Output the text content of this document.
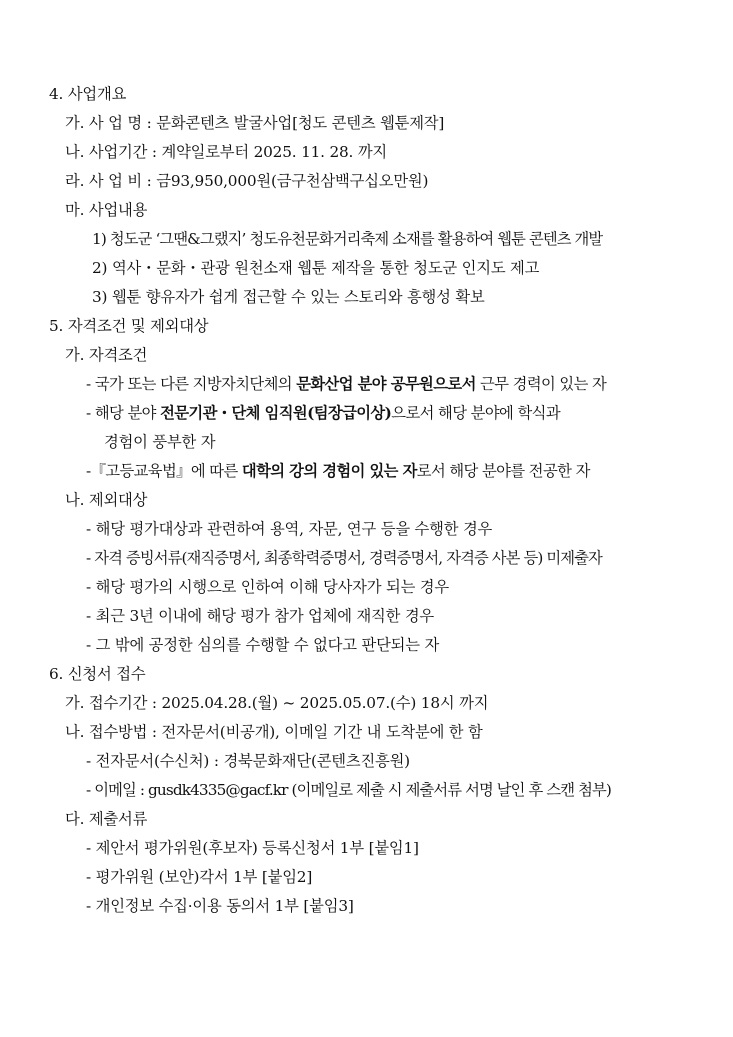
4. 사업개요
가. 사 업 명 : 문화콘텐츠 발굴사업[청도 콘텐츠 웹툰제작]
나. 사업기간 : 계약일로부터 2025. 11. 28. 까지
라. 사 업 비 : 금93,950,000원(금구천삼백구십오만원)
마. 사업내용
1) 청도군 ‘그땐&그랬지’ 청도유천문화거리축제 소재를 활용하여 웹툰 콘텐츠 개발
2) 역사・문화・관광 원천소재 웹툰 제작을 통한 청도군 인지도 제고
3) 웹툰 향유자가 쉽게 접근할 수 있는 스토리와 흥행성 확보
5. 자격조건 및 제외대상
가. 자격조건
- 국가 또는 다른 지방자치단체의 문화산업 분야 공무원으로서 근무 경력이 있는 자
- 해당 분야 전문기관・단체 임직원(팀장급이상)으로서 해당 분야에 학식과
경험이 풍부한 자
-『고등교육법』에 따른 대학의 강의 경험이 있는 자로서 해당 분야를 전공한 자
나. 제외대상
- 해당 평가대상과 관련하여 용역, 자문, 연구 등을 수행한 경우
- 자격 증빙서류(재직증명서, 최종학력증명서, 경력증명서, 자격증 사본 등) 미제출자
- 해당 평가의 시행으로 인하여 이해 당사자가 되는 경우
- 최근 3년 이내에 해당 평가 참가 업체에 재직한 경우
- 그 밖에 공정한 심의를 수행할 수 없다고 판단되는 자
6. 신청서 접수
가. 접수기간 : 2025.04.28.(월) ~ 2025.05.07.(수) 18시 까지
나. 접수방법 : 전자문서(비공개), 이메일 기간 내 도착분에 한 함
- 전자문서(수신처) : 경북문화재단(콘텐츠진흥원)
- 이메일 : gusdk4335@gacf.kr (이메일로 제출 시 제출서류 서명 날인 후 스캔 첨부)
다. 제출서류
- 제안서 평가위원(후보자) 등록신청서 1부 [붙임1]
- 평가위원 (보안)각서 1부 [붙임2]
- 개인정보 수집·이용 동의서 1부 [붙임3]
